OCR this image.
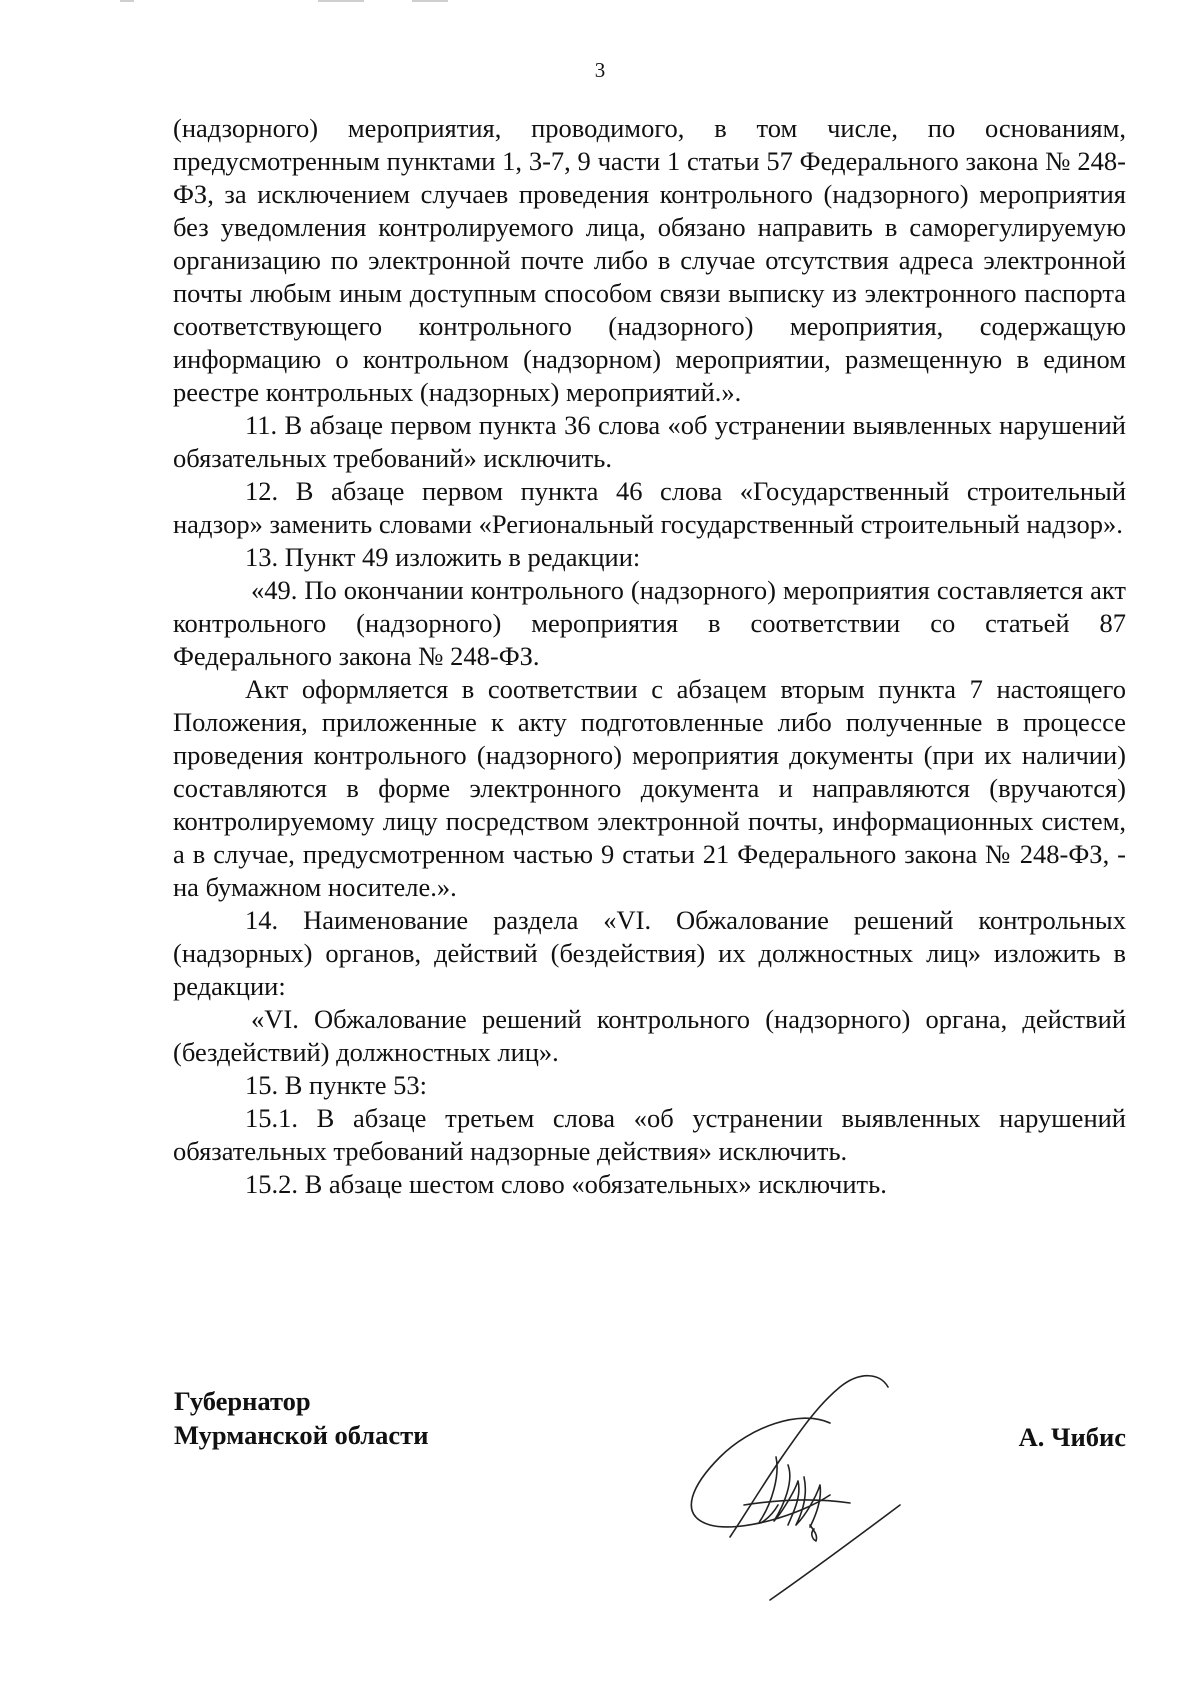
3

(надзорного) мероприятия, проводимого, в том числе, по основаниям, предусмотренным пунктами 1, 3-7, 9 части 1 статьи 57 Федерального закона № 248-ФЗ, за исключением случаев проведения контрольного (надзорного) мероприятия без уведомления контролируемого лица, обязано направить в саморегулируемую организацию по электронной почте либо в случае отсутствия адреса электронной почты любым иным доступным способом связи выписку из электронного паспорта соответствующего контрольного (надзорного) мероприятия, содержащую информацию о контрольном (надзорном) мероприятии, размещенную в едином реестре контрольных (надзорных) мероприятий.».

11. В абзаце первом пункта 36 слова «об устранении выявленных нарушений обязательных требований» исключить.

12. В абзаце первом пункта 46 слова «Государственный строительный надзор» заменить словами «Региональный государственный строительный надзор».

13. Пункт 49 изложить в редакции:

«49. По окончании контрольного (надзорного) мероприятия составляется акт контрольного (надзорного) мероприятия в соответствии со статьей 87 Федерального закона № 248-ФЗ.

Акт оформляется в соответствии с абзацем вторым пункта 7 настоящего Положения, приложенные к акту подготовленные либо полученные в процессе проведения контрольного (надзорного) мероприятия документы (при их наличии) составляются в форме электронного документа и направляются (вручаются) контролируемому лицу посредством электронной почты, информационных систем, а в случае, предусмотренном частью 9 статьи 21 Федерального закона № 248-ФЗ, - на бумажном носителе.».

14. Наименование раздела «VI. Обжалование решений контрольных (надзорных) органов, действий (бездействия) их должностных лиц» изложить в редакции:

«VI. Обжалование решений контрольного (надзорного) органа, действий (бездействий) должностных лиц».

15. В пункте 53:

15.1. В абзаце третьем слова «об устранении выявленных нарушений обязательных требований надзорные действия» исключить.

15.2. В абзаце шестом слово «обязательных» исключить.

Губернатор
Мурманской области	А. Чибис
